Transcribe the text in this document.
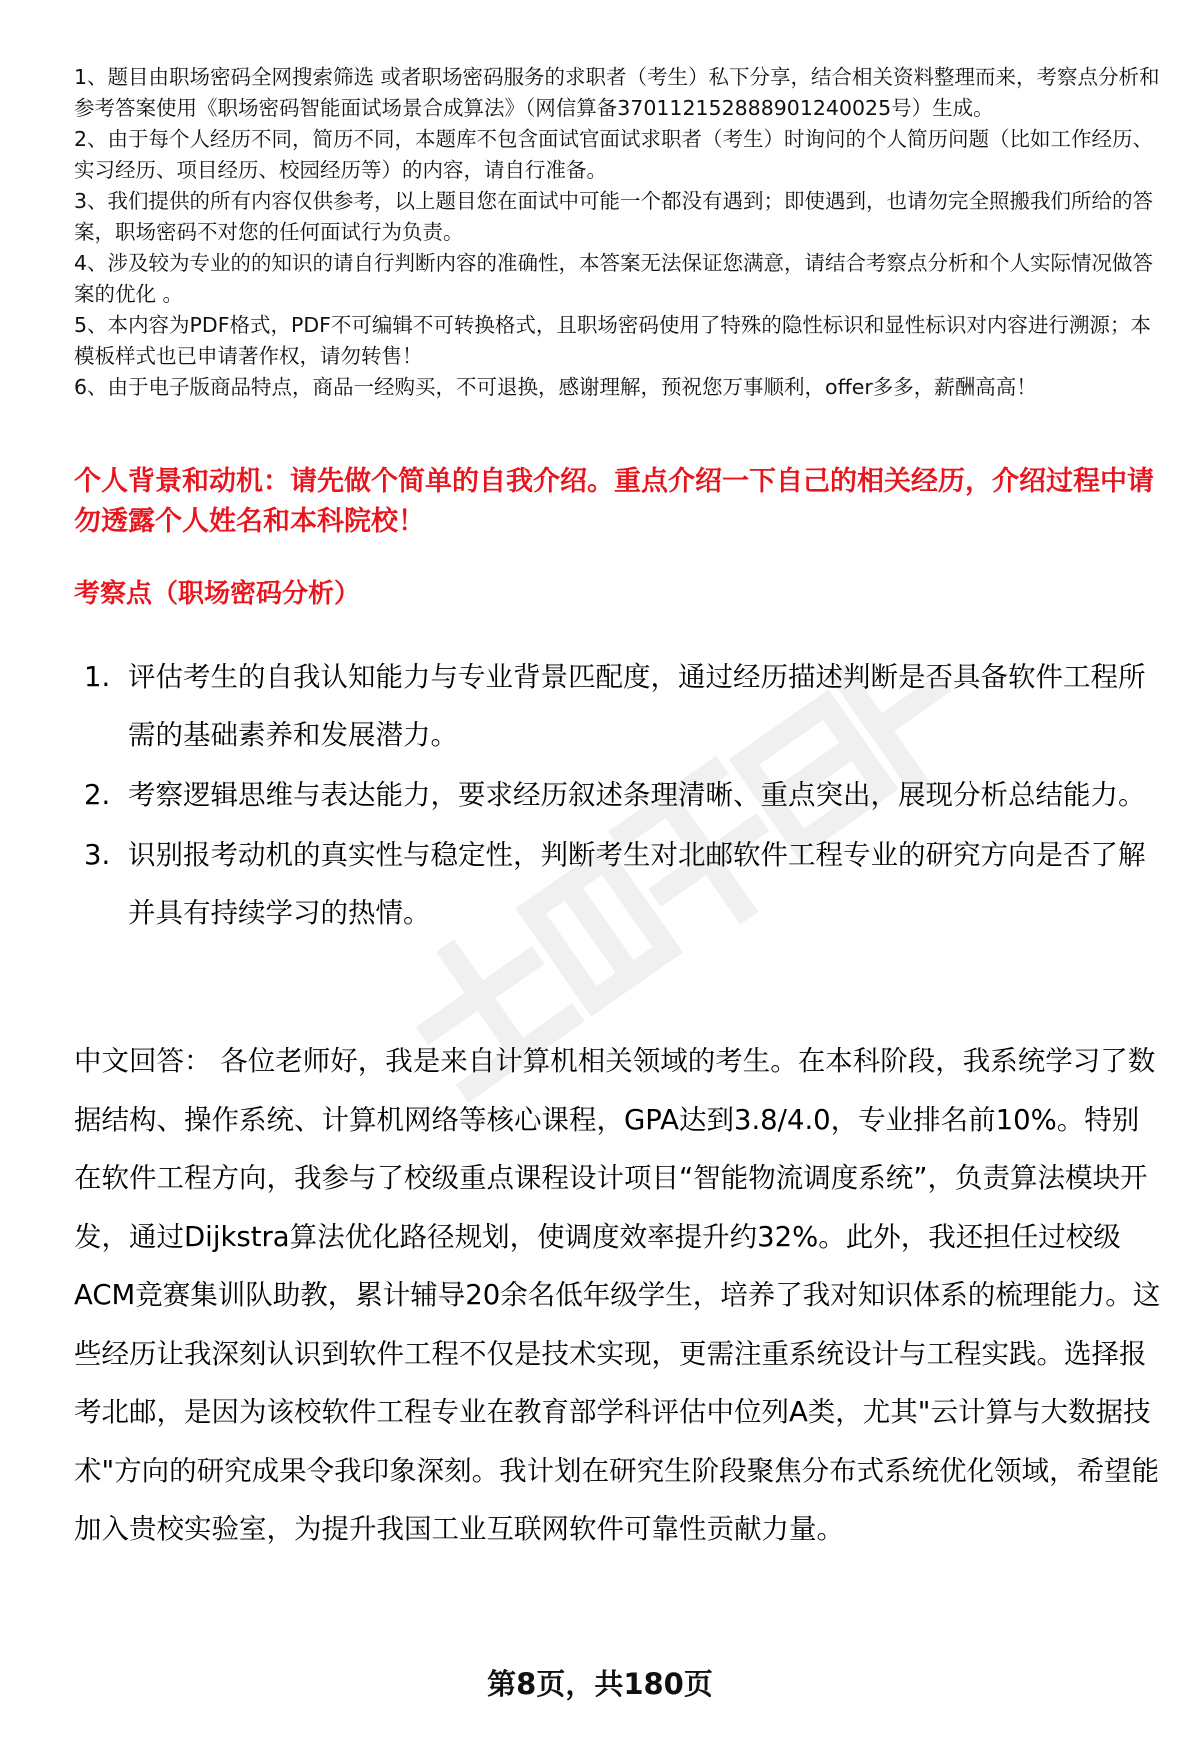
1、题目由职场密码全网搜索筛选 或者职场密码服务的求职者（考生）私下分享，结合相关资料整理而来，考察点分析和参考答案使用《职场密码智能面试场景合成算法》（网信算备370112152888901240025号）生成。

2、由于每个人经历不同，简历不同，本题库不包含面试官面试求职者（考生）时询问的个人简历问题（比如工作经历、实习经历、项目经历、校园经历等）的内容，请自行准备。

3、我们提供的所有内容仅供参考，以上题目您在面试中可能一个都没有遇到；即使遇到，也请勿完全照搬我们所给的答案，职场密码不对您的任何面试行为负责。

4、涉及较为专业的的知识的请自行判断内容的准确性，本答案无法保证您满意，请结合考察点分析和个人实际情况做答案的优化 。

5、本内容为PDF格式，PDF不可编辑不可转换格式，且职场密码使用了特殊的隐性标识和显性标识对内容进行溯源；本模板样式也已申请著作权，请勿转售！

6、由于电子版商品特点，商品一经购买，不可退换，感谢理解，预祝您万事顺利，offer多多，薪酬高高！

个人背景和动机：请先做个简单的自我介绍。重点介绍一下自己的相关经历，介绍过程中请勿透露个人姓名和本科院校！

考察点（职场密码分析）

1. 评估考生的自我认知能力与专业背景匹配度，通过经历描述判断是否具备软件工程所需的基础素养和发展潜力。
2. 考察逻辑思维与表达能力，要求经历叙述条理清晰、重点突出，展现分析总结能力。
3. 识别报考动机的真实性与稳定性，判断考生对北邮软件工程专业的研究方向是否了解并具有持续学习的热情。

中文回答： 各位老师好，我是来自计算机相关领域的考生。在本科阶段，我系统学习了数据结构、操作系统、计算机网络等核心课程，GPA达到3.8/4.0，专业排名前10%。特别在软件工程方向，我参与了校级重点课程设计项目“智能物流调度系统”，负责算法模块开发，通过Dijkstra算法优化路径规划，使调度效率提升约32%。此外，我还担任过校级ACM竞赛集训队助教，累计辅导20余名低年级学生，培养了我对知识体系的梳理能力。这些经历让我深刻认识到软件工程不仅是技术实现，更需注重系统设计与工程实践。选择报考北邮，是因为该校软件工程专业在教育部学科评估中位列A类，尤其"云计算与大数据技术"方向的研究成果令我印象深刻。我计划在研究生阶段聚焦分布式系统优化领域，希望能加入贵校实验室，为提升我国工业互联网软件可靠性贡献力量。

第8页，共180页
